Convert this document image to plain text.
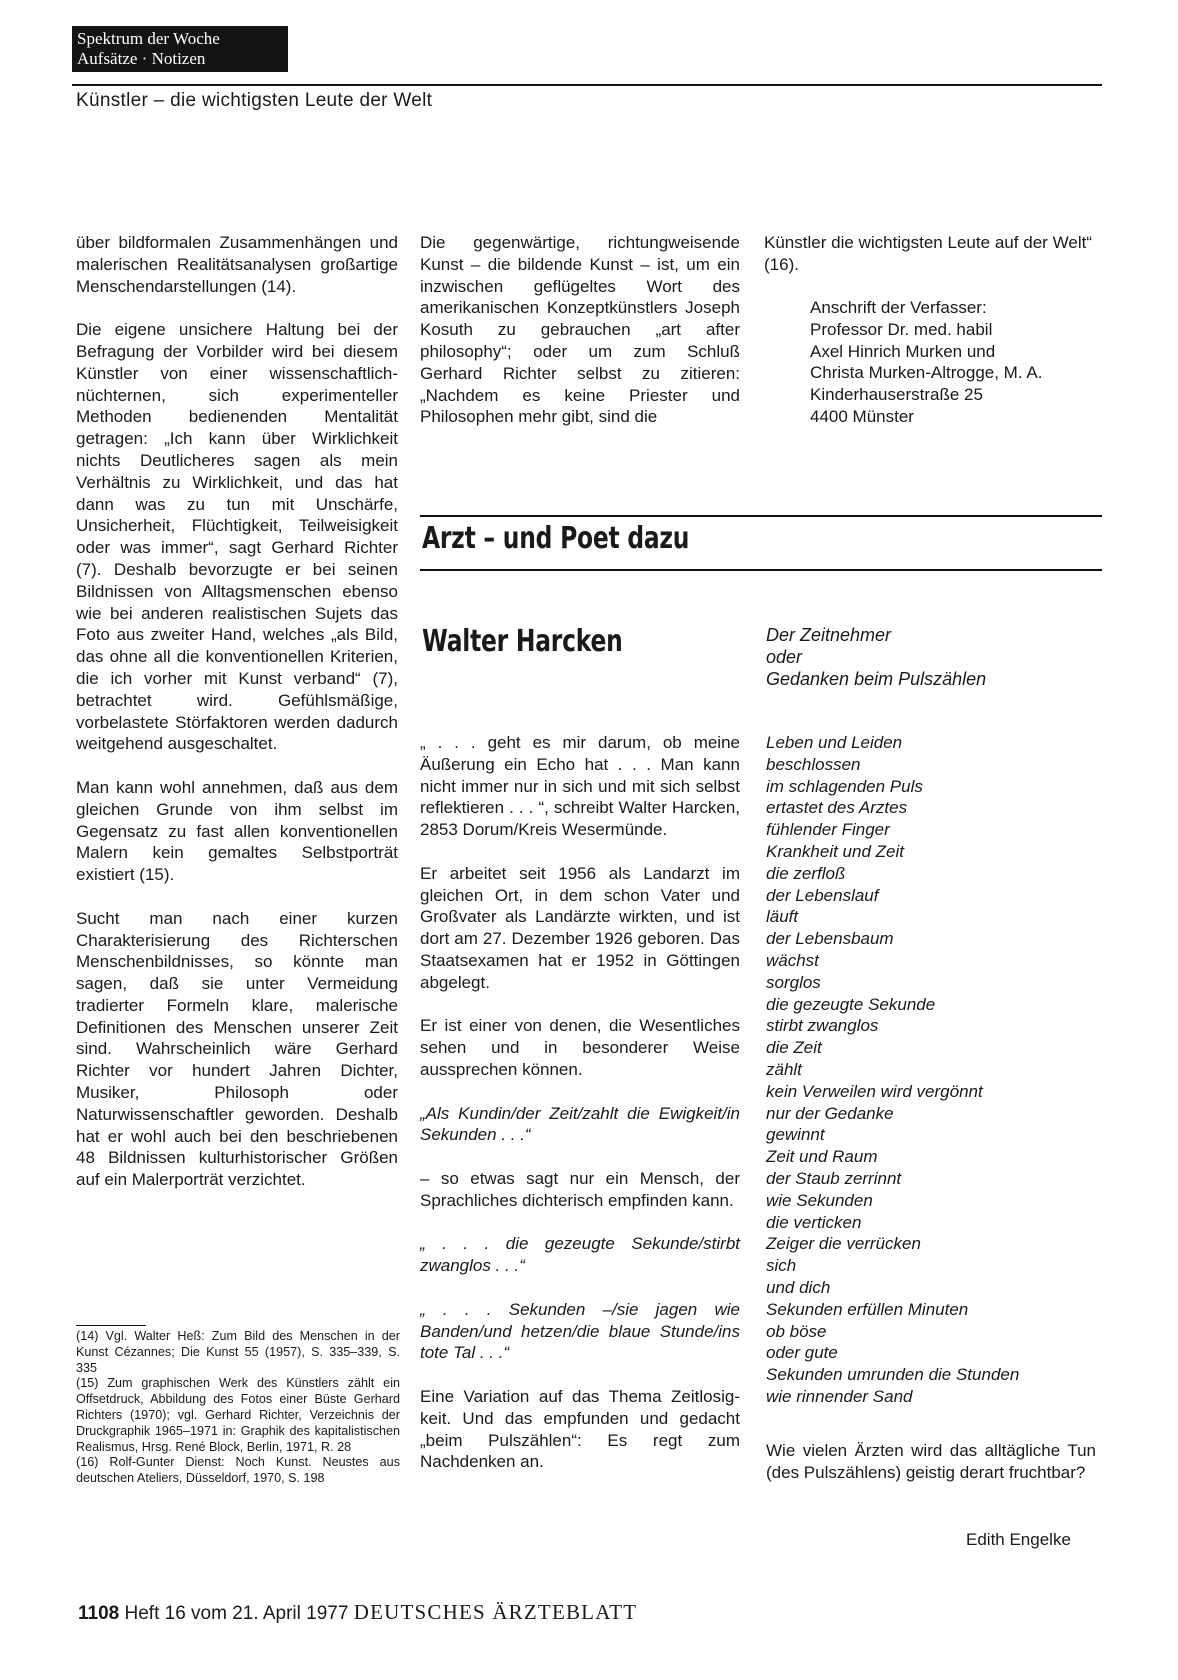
Spektrum der Woche
Aufsätze · Notizen
Künstler – die wichtigsten Leute der Welt

über bildformalen Zusammenhängen und malerischen Realitätsanalysen großartige Menschendarstellungen (14).

Die eigene unsichere Haltung bei der Befragung der Vorbilder wird bei diesem Künstler von einer wissenschaftlich-nüchternen, sich experimenteller Methoden bedienenden Mentalität getragen: „Ich kann über Wirklichkeit nichts Deutlicheres sagen als mein Verhältnis zu Wirklichkeit, und das hat dann was zu tun mit Unschärfe, Unsicherheit, Flüchtigkeit, Teilweisigkeit oder was immer“, sagt Gerhard Richter (7). Deshalb bevorzugte er bei seinen Bildnissen von Alltagsmenschen ebenso wie bei anderen realistischen Sujets das Foto aus zweiter Hand, welches „als Bild, das ohne all die konventionellen Kriterien, die ich vorher mit Kunst verband“ (7), betrachtet wird. Gefühlsmäßige, vorbelastete Störfaktoren werden dadurch weitgehend ausgeschaltet.

Man kann wohl annehmen, daß aus dem gleichen Grunde von ihm selbst im Gegensatz zu fast allen konventionellen Malern kein gemaltes Selbstporträt existiert (15).

Sucht man nach einer kurzen Charakterisierung des Richterschen Menschenbildnisses, so könnte man sagen, daß sie unter Vermeidung tradierter Formeln klare, malerische Definitionen des Menschen unserer Zeit sind. Wahrscheinlich wäre Gerhard Richter vor hundert Jahren Dichter, Musiker, Philosoph oder Naturwissenschaftler geworden. Deshalb hat er wohl auch bei den beschriebenen 48 Bildnissen kulturhistorischer Größen auf ein Malerporträt verzichtet.

Die gegenwärtige, richtungweisende Kunst – die bildende Kunst – ist, um ein inzwischen geflügeltes Wort des amerikanischen Konzeptkünstlers Joseph Kosuth zu gebrauchen „art after philosophy“; oder um zum Schluß Gerhard Richter selbst zu zitieren: „Nachdem es keine Priester und Philosophen mehr gibt, sind die

Künstler die wichtigsten Leute auf der Welt“ (16).

Anschrift der Verfasser:
Professor Dr. med. habil
Axel Hinrich Murken und
Christa Murken-Altrogge, M. A.
Kinderhauserstraße 25
4400 Münster
Arzt – und Poet dazu
Walter Harcken	Der Zeitnehmer
oder
Gedanken beim Pulszählen

„ . . . geht es mir darum, ob meine Äußerung ein Echo hat . . . Man kann nicht immer nur in sich und mit sich selbst reflektieren . . . “, schreibt Walter Harcken, 2853 Dorum/Kreis Wesermünde.

Er arbeitet seit 1956 als Landarzt im gleichen Ort, in dem schon Vater und Großvater als Landärzte wirkten, und ist dort am 27. Dezember 1926 geboren. Das Staatsexamen hat er 1952 in Göttingen abgelegt.

Er ist einer von denen, die Wesentliches sehen und in besonderer Weise aussprechen können.

„Als Kundin/der Zeit/zahlt die Ewigkeit/in Sekunden . . .“

– so etwas sagt nur ein Mensch, der Sprachliches dichterisch empfinden kann.

„ . . . die gezeugte Sekunde/stirbt zwanglos . . .“

„ . . . Sekunden –/sie jagen wie Banden/und hetzen/die blaue Stunde/ins tote Tal . . .“

Eine Variation auf das Thema Zeitlosig-keit. Und das empfunden und gedacht „beim Pulszählen“: Es regt zum Nachdenken an.

Leben und Leiden
beschlossen
im schlagenden Puls
ertastet des Arztes
fühlender Finger
Krankheit und Zeit
die zerfloß
der Lebenslauf
läuft
der Lebensbaum
wächst
sorglos
die gezeugte Sekunde
stirbt zwanglos
die Zeit
zählt
kein Verweilen wird vergönnt
nur der Gedanke
gewinnt
Zeit und Raum
der Staub zerrinnt
wie Sekunden
die verticken
Zeiger die verrücken
sich
und dich
Sekunden erfüllen Minuten
ob böse
oder gute
Sekunden umrunden die Stunden
wie rinnender Sand

Wie vielen Ärzten wird das alltägliche Tun (des Pulszählens) geistig derart fruchtbar?

Edith Engelke

(14) Vgl. Walter Heß: Zum Bild des Menschen in der Kunst Cézannes; Die Kunst 55 (1957), S. 335–339, S. 335

(15) Zum graphischen Werk des Künstlers zählt ein Offsetdruck, Abbildung des Fotos einer Büste Gerhard Richters (1970); vgl. Gerhard Richter, Verzeichnis der Druckgraphik 1965–1971 in: Graphik des kapitalistischen Realismus, Hrsg. René Block, Berlin, 1971, R. 28

(16) Rolf-Gunter Dienst: Noch Kunst. Neustes aus deutschen Ateliers, Düsseldorf, 1970, S. 198

1108 Heft 16 vom 21. April 1977 DEUTSCHES ÄRZTEBLATT
